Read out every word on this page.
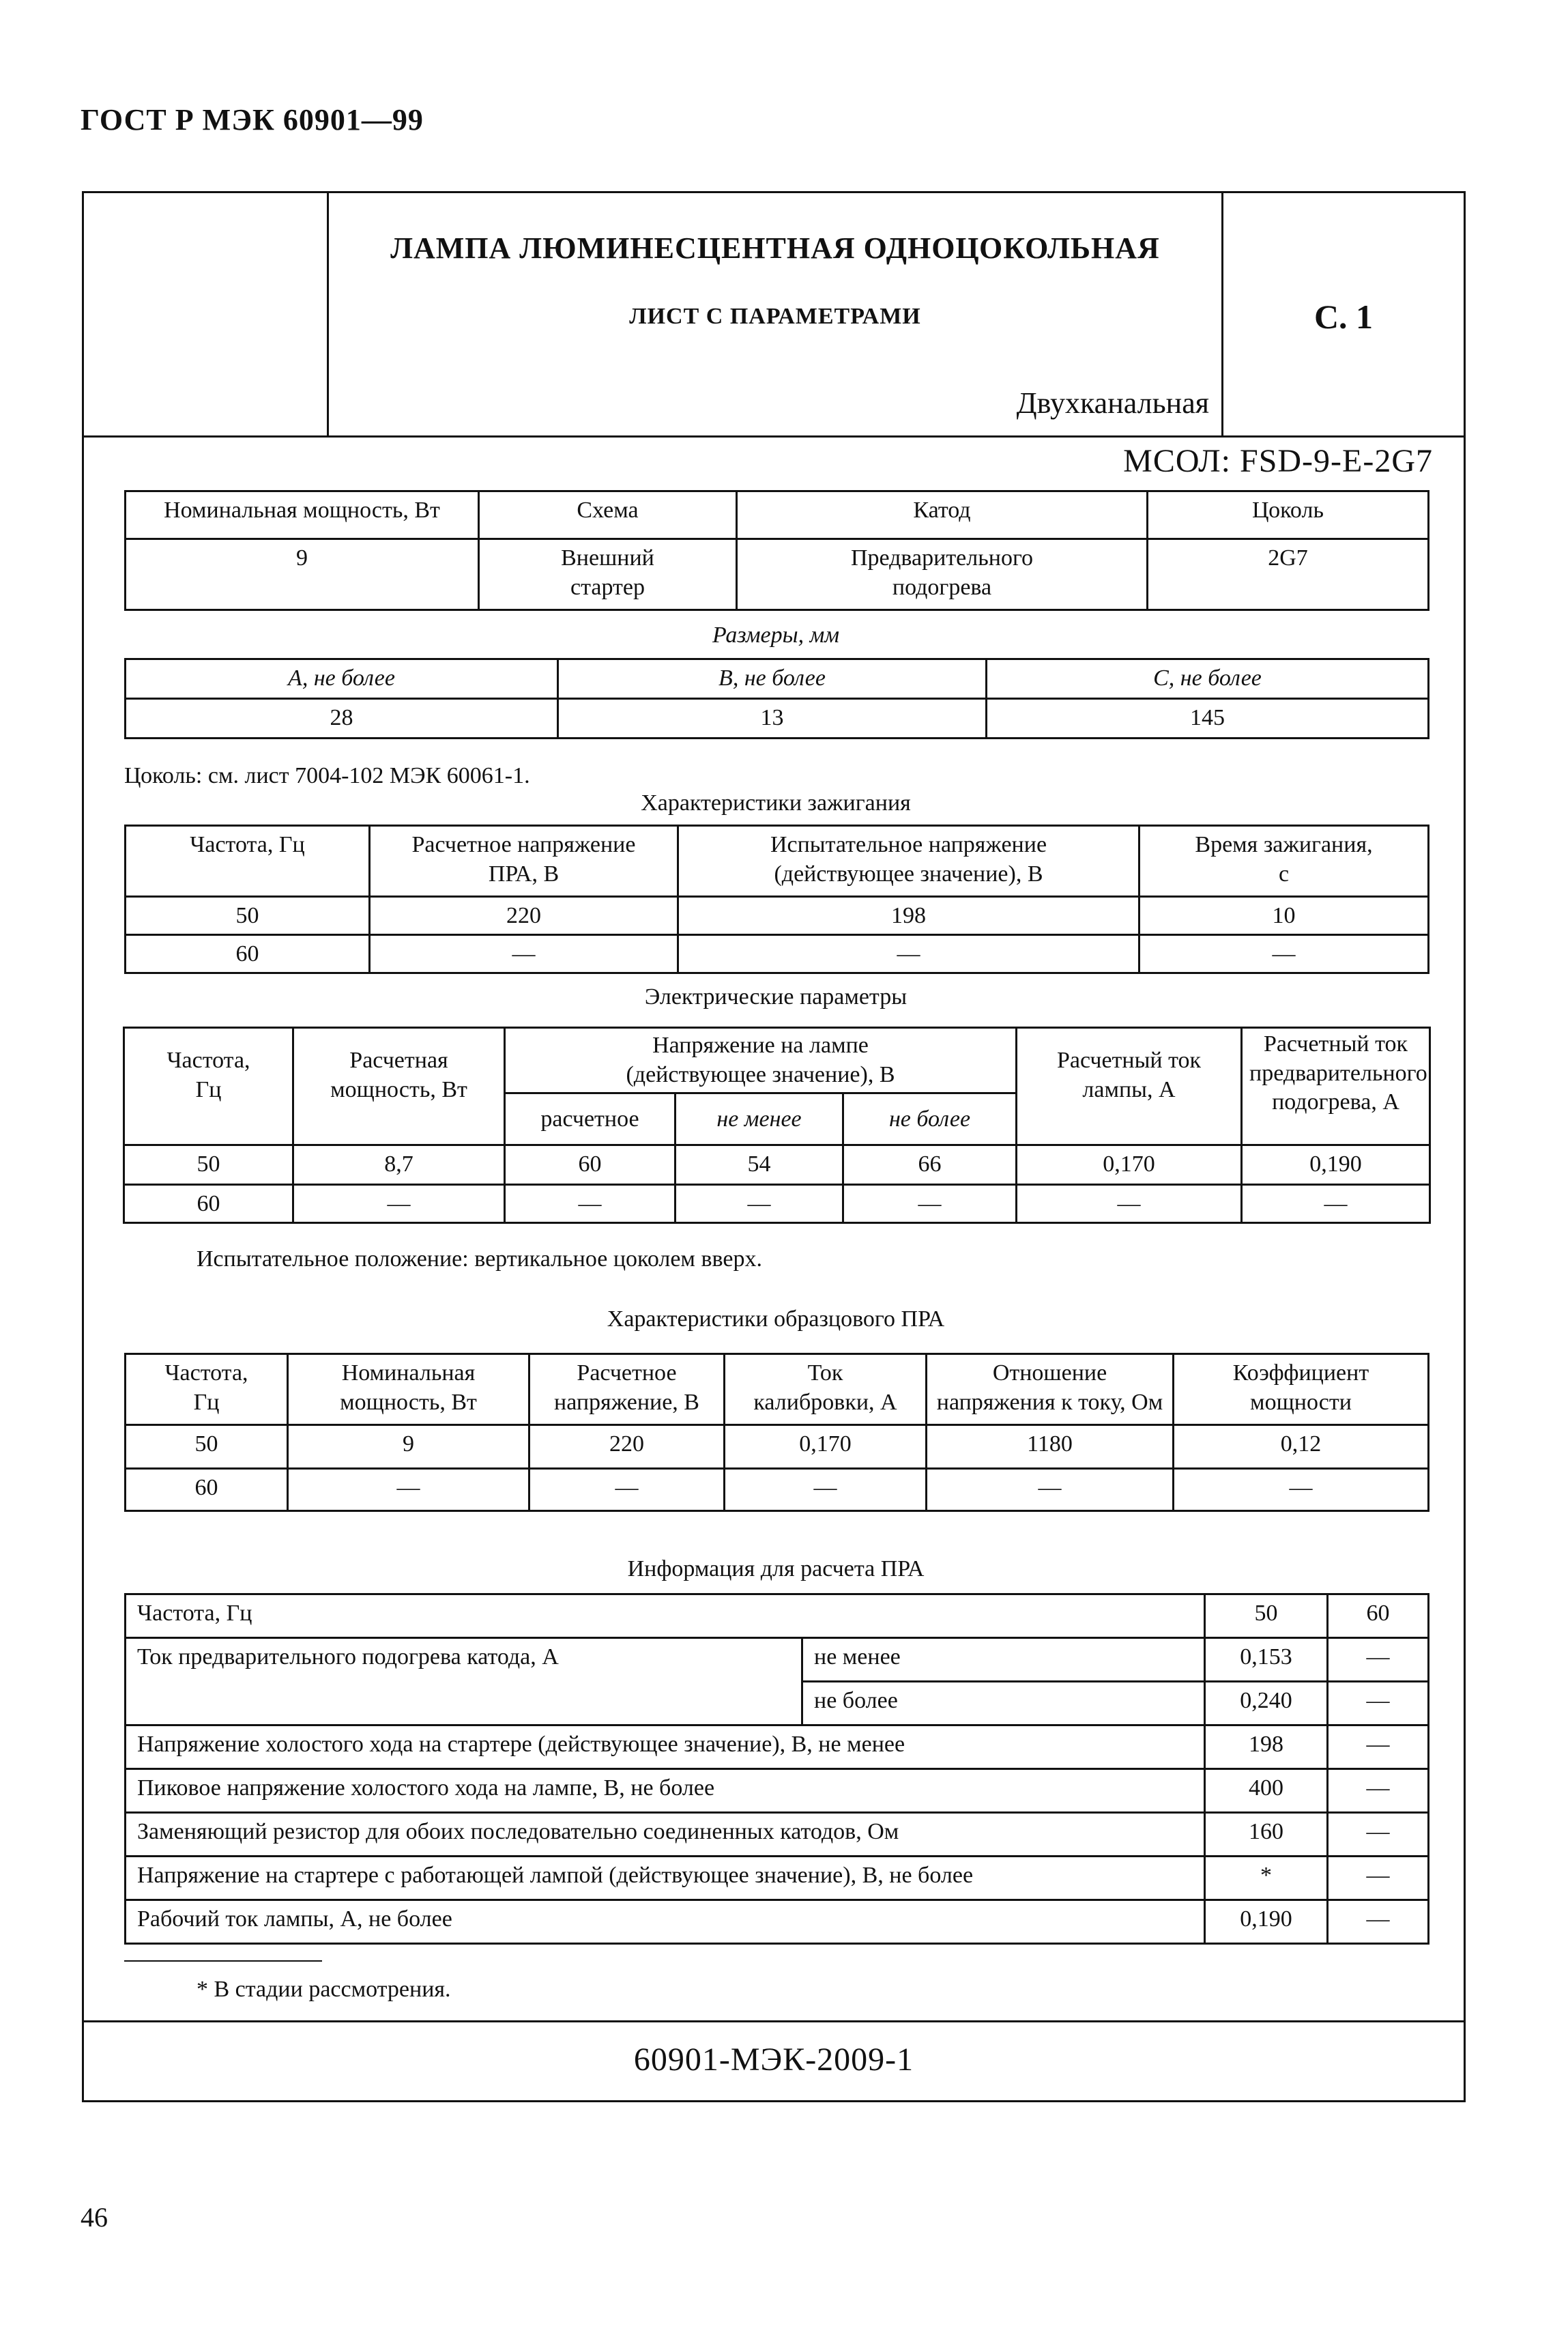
ГОСТ Р МЭК 60901—99
ЛАМПА ЛЮМИНЕСЦЕНТНАЯ ОДНОЦОКОЛЬНАЯ
ЛИСТ С ПАРАМЕТРАМИ
Двухканальная
С. 1
МСОЛ: FSD-9-E-2G7
Номинальная мощность, Вт	Схема	Катод	Цоколь
9	Внешний стартер	Предварительного подогрева	2G7
Размеры, мм
A, не более	B, не более	C, не более
28	13	145
Цоколь: см. лист 7004-102 МЭК 60061-1.
Характеристики зажигания
Частота, Гц	Расчетное напряжение ПРА, В	Испытательное напряжение (действующее значение), В	Время зажигания, с
50	220	198	10
60	—	—	—
Электрические параметры
Частота, Гц	Расчетная мощность, Вт	Напряжение на лампе (действующее значение), В			Расчетный ток лампы, А	Расчетный ток предварительного подогрева, А
		расчетное	не менее	не более		
50	8,7	60	54	66	0,170	0,190
60	—	—	—	—	—	—
Испытательное положение: вертикальное цоколем вверх.
Характеристики образцового ПРА
Частота, Гц	Номинальная мощность, Вт	Расчетное напряжение, В	Ток калибровки, А	Отношение напряжения к току, Ом	Коэффициент мощности
50	9	220	0,170	1180	0,12
60	—	—	—	—	—
Информация для расчета ПРА
Частота, Гц		50	60
Ток предварительного подогрева катода, А	не менее	0,153	—
	не более	0,240	—
Напряжение холостого хода на стартере (действующее значение), В, не менее		198	—
Пиковое напряжение холостого хода на лампе, В, не более		400	—
Заменяющий резистор для обоих последовательно соединенных катодов, Ом		160	—
Напряжение на стартере с работающей лампой (действующее значение), В, не более		*	—
Рабочий ток лампы, А, не более		0,190	—
* В стадии рассмотрения.
60901-МЭК-2009-1
46
